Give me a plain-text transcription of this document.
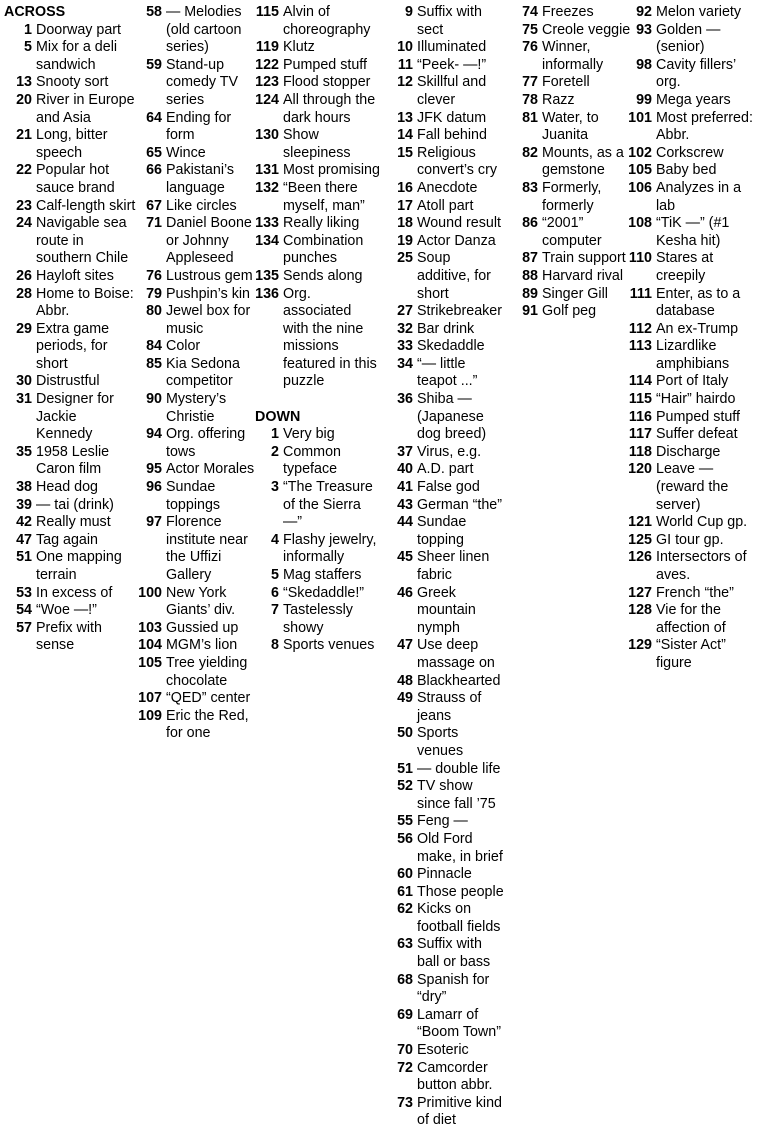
ACROSS
1 Doorway part
5 Mix for a deli sandwich
13 Snooty sort
20 River in Europe and Asia
21 Long, bitter speech
22 Popular hot sauce brand
23 Calf-length skirt
24 Navigable sea route in southern Chile
26 Hayloft sites
28 Home to Boise: Abbr.
29 Extra game periods, for short
30 Distrustful
31 Designer for Jackie Kennedy
35 1958 Leslie Caron film
38 Head dog
39 — tai (drink)
42 Really must
47 Tag again
51 One mapping terrain
53 In excess of
54 “Woe —!”
57 Prefix with sense
58 — Melodies (old cartoon series)
59 Stand-up comedy TV series
64 Ending for form
65 Wince
66 Pakistani’s language
67 Like circles
71 Daniel Boone or Johnny Appleseed
76 Lustrous gem
79 Pushpin’s kin
80 Jewel box for music
84 Color
85 Kia Sedona competitor
90 Mystery’s Christie
94 Org. offering tows
95 Actor Morales
96 Sundae toppings
97 Florence institute near the Uffizi Gallery
100 New York Giants’ div.
103 Gussied up
104 MGM’s lion
105 Tree yielding chocolate
107 “QED” center
109 Eric the Red, for one
115 Alvin of choreography
119 Klutz
122 Pumped stuff
123 Flood stopper
124 All through the dark hours
130 Show sleepiness
131 Most promising
132 “Been there myself, man”
133 Really liking
134 Combination punches
135 Sends along
136 Org. associated with the nine missions featured in this puzzle
DOWN
1 Very big
2 Common typeface
3 “The Treasure of the Sierra —”
4 Flashy jewelry, informally
5 Mag staffers
6 “Skedaddle!”
7 Tastelessly showy
8 Sports venues
9 Suffix with sect
10 Illuminated
11 “Peek- —!”
12 Skillful and clever
13 JFK datum
14 Fall behind
15 Religious convert’s cry
16 Anecdote
17 Atoll part
18 Wound result
19 Actor Danza
25 Soup additive, for short
27 Strikebreaker
32 Bar drink
33 Skedaddle
34 “— little teapot ...”
36 Shiba — (Japanese dog breed)
37 Virus, e.g.
40 A.D. part
41 False god
43 German “the”
44 Sundae topping
45 Sheer linen fabric
46 Greek mountain nymph
47 Use deep massage on
48 Blackhearted
49 Strauss of jeans
50 Sports venues
51 — double life
52 TV show since fall ’75
55 Feng —
56 Old Ford make, in brief
60 Pinnacle
61 Those people
62 Kicks on football fields
63 Suffix with ball or bass
68 Spanish for “dry”
69 Lamarr of “Boom Town”
70 Esoteric
72 Camcorder button abbr.
73 Primitive kind of diet
74 Freezes
75 Creole veggie
76 Winner, informally
77 Foretell
78 Razz
81 Water, to Juanita
82 Mounts, as a gemstone
83 Formerly, formerly
86 “2001” computer
87 Train support
88 Harvard rival
89 Singer Gill
91 Golf peg
92 Melon variety
93 Golden — (senior)
98 Cavity fillers’ org.
99 Mega years
101 Most preferred: Abbr.
102 Corkscrew
105 Baby bed
106 Analyzes in a lab
108 “TiK —” (#1 Kesha hit)
110 Stares at creepily
111 Enter, as to a database
112 An ex-Trump
113 Lizardlike amphibians
114 Port of Italy
115 “Hair” hairdo
116 Pumped stuff
117 Suffer defeat
118 Discharge
120 Leave — (reward the server)
121 World Cup gp.
125 GI tour gp.
126 Intersectors of aves.
127 French “the”
128 Vie for the affection of
129 “Sister Act” figure
